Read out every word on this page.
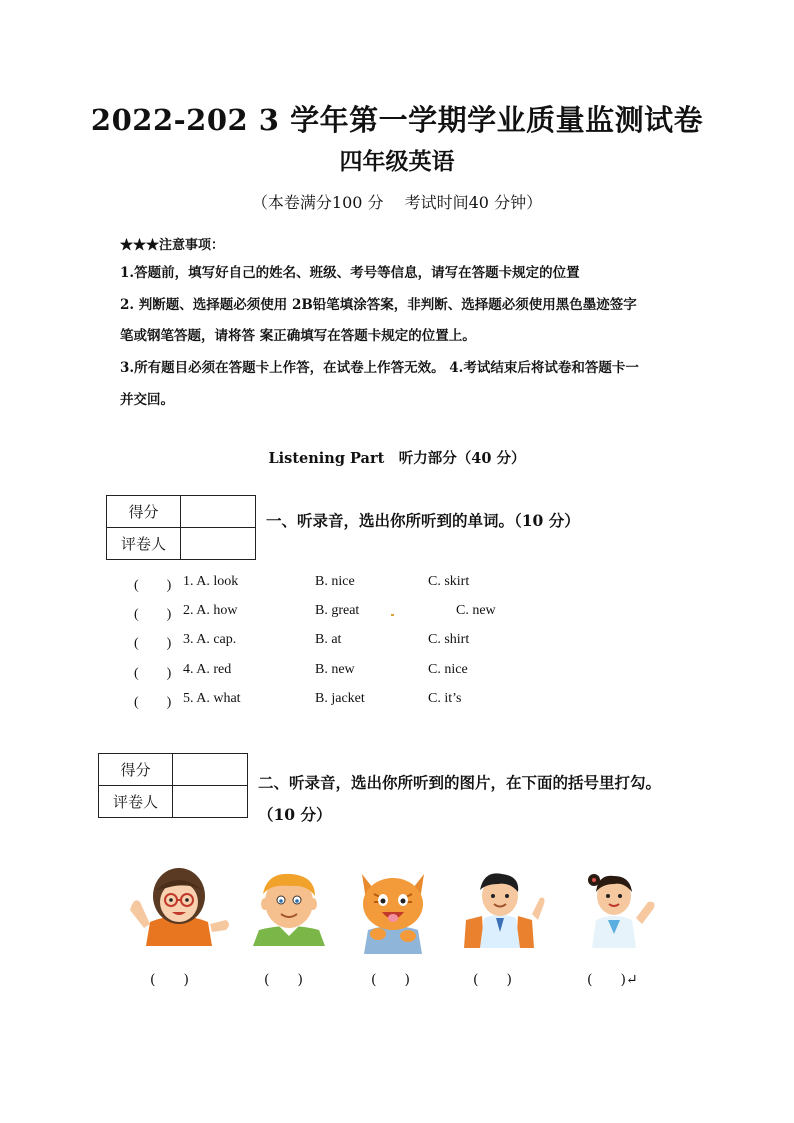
2022-202 3 学年第一学期学业质量监测试卷
四年级英语
（本卷满分100 分　 考试时间40 分钟）
★★★注意事项：
1.答题前，填写好自己的姓名、班级、考号等信息，请写在答题卡规定的位置
2. 判断题、选择题必须使用 2B铅笔填涂答案，非判断、选择题必须使用黑色墨迹签字
笔或钢笔答题，请将答 案正确填写在答题卡规定的位置上。
3.所有题目必须在答题卡上作答，在试卷上作答无效。 4.考试结束后将试卷和答题卡一
并交回。
Listening Part　听力部分（40 分）
得分	
评卷人	
一、听录音，选出你所听到的单词。（10 分）
(　　) 1. A. look	B. nice	C. skirt
(　　) 2. A. how	B. great	C. new
(　　) 3. A. cap.	B. at	C. shirt
(　　) 4. A. red	B. new	C. nice
(　　) 5. A. what	B. jacket	C. it’s
得分	
评卷人	
二、听录音，选出你所听到的图片，在下面的括号里打勾。
（10 分）
(　　)	(　　)	(　　)	(　　)	(　　)↵
